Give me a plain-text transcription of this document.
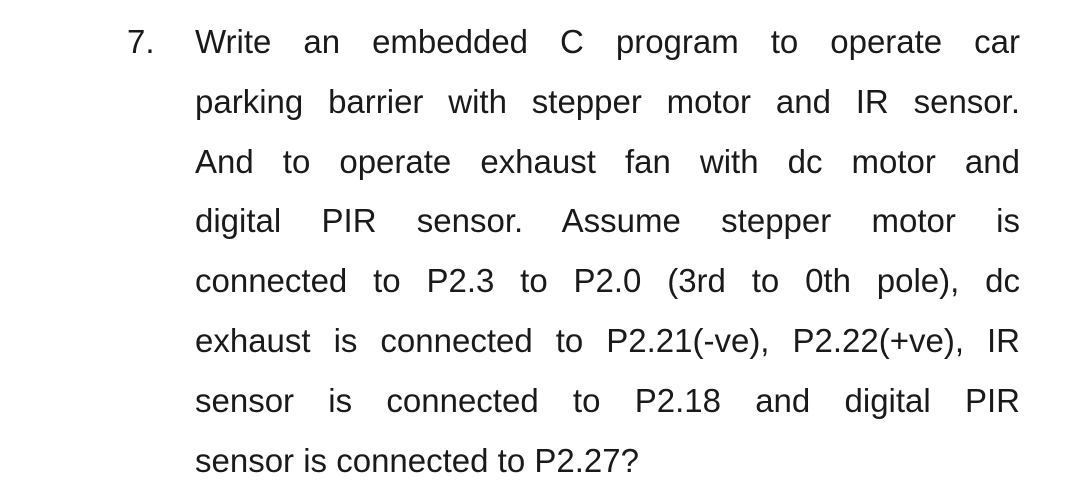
7. Write an embedded C program to operate car

parking barrier with stepper motor and IR sensor.

And to operate exhaust fan with dc motor and

digital PIR sensor. Assume stepper motor is

connected to P2.3 to P2.0 (3rd to 0th pole), dc

exhaust is connected to P2.21(-ve), P2.22(+ve), IR

sensor is connected to P2.18 and digital PIR

sensor is connected to P2.27?
